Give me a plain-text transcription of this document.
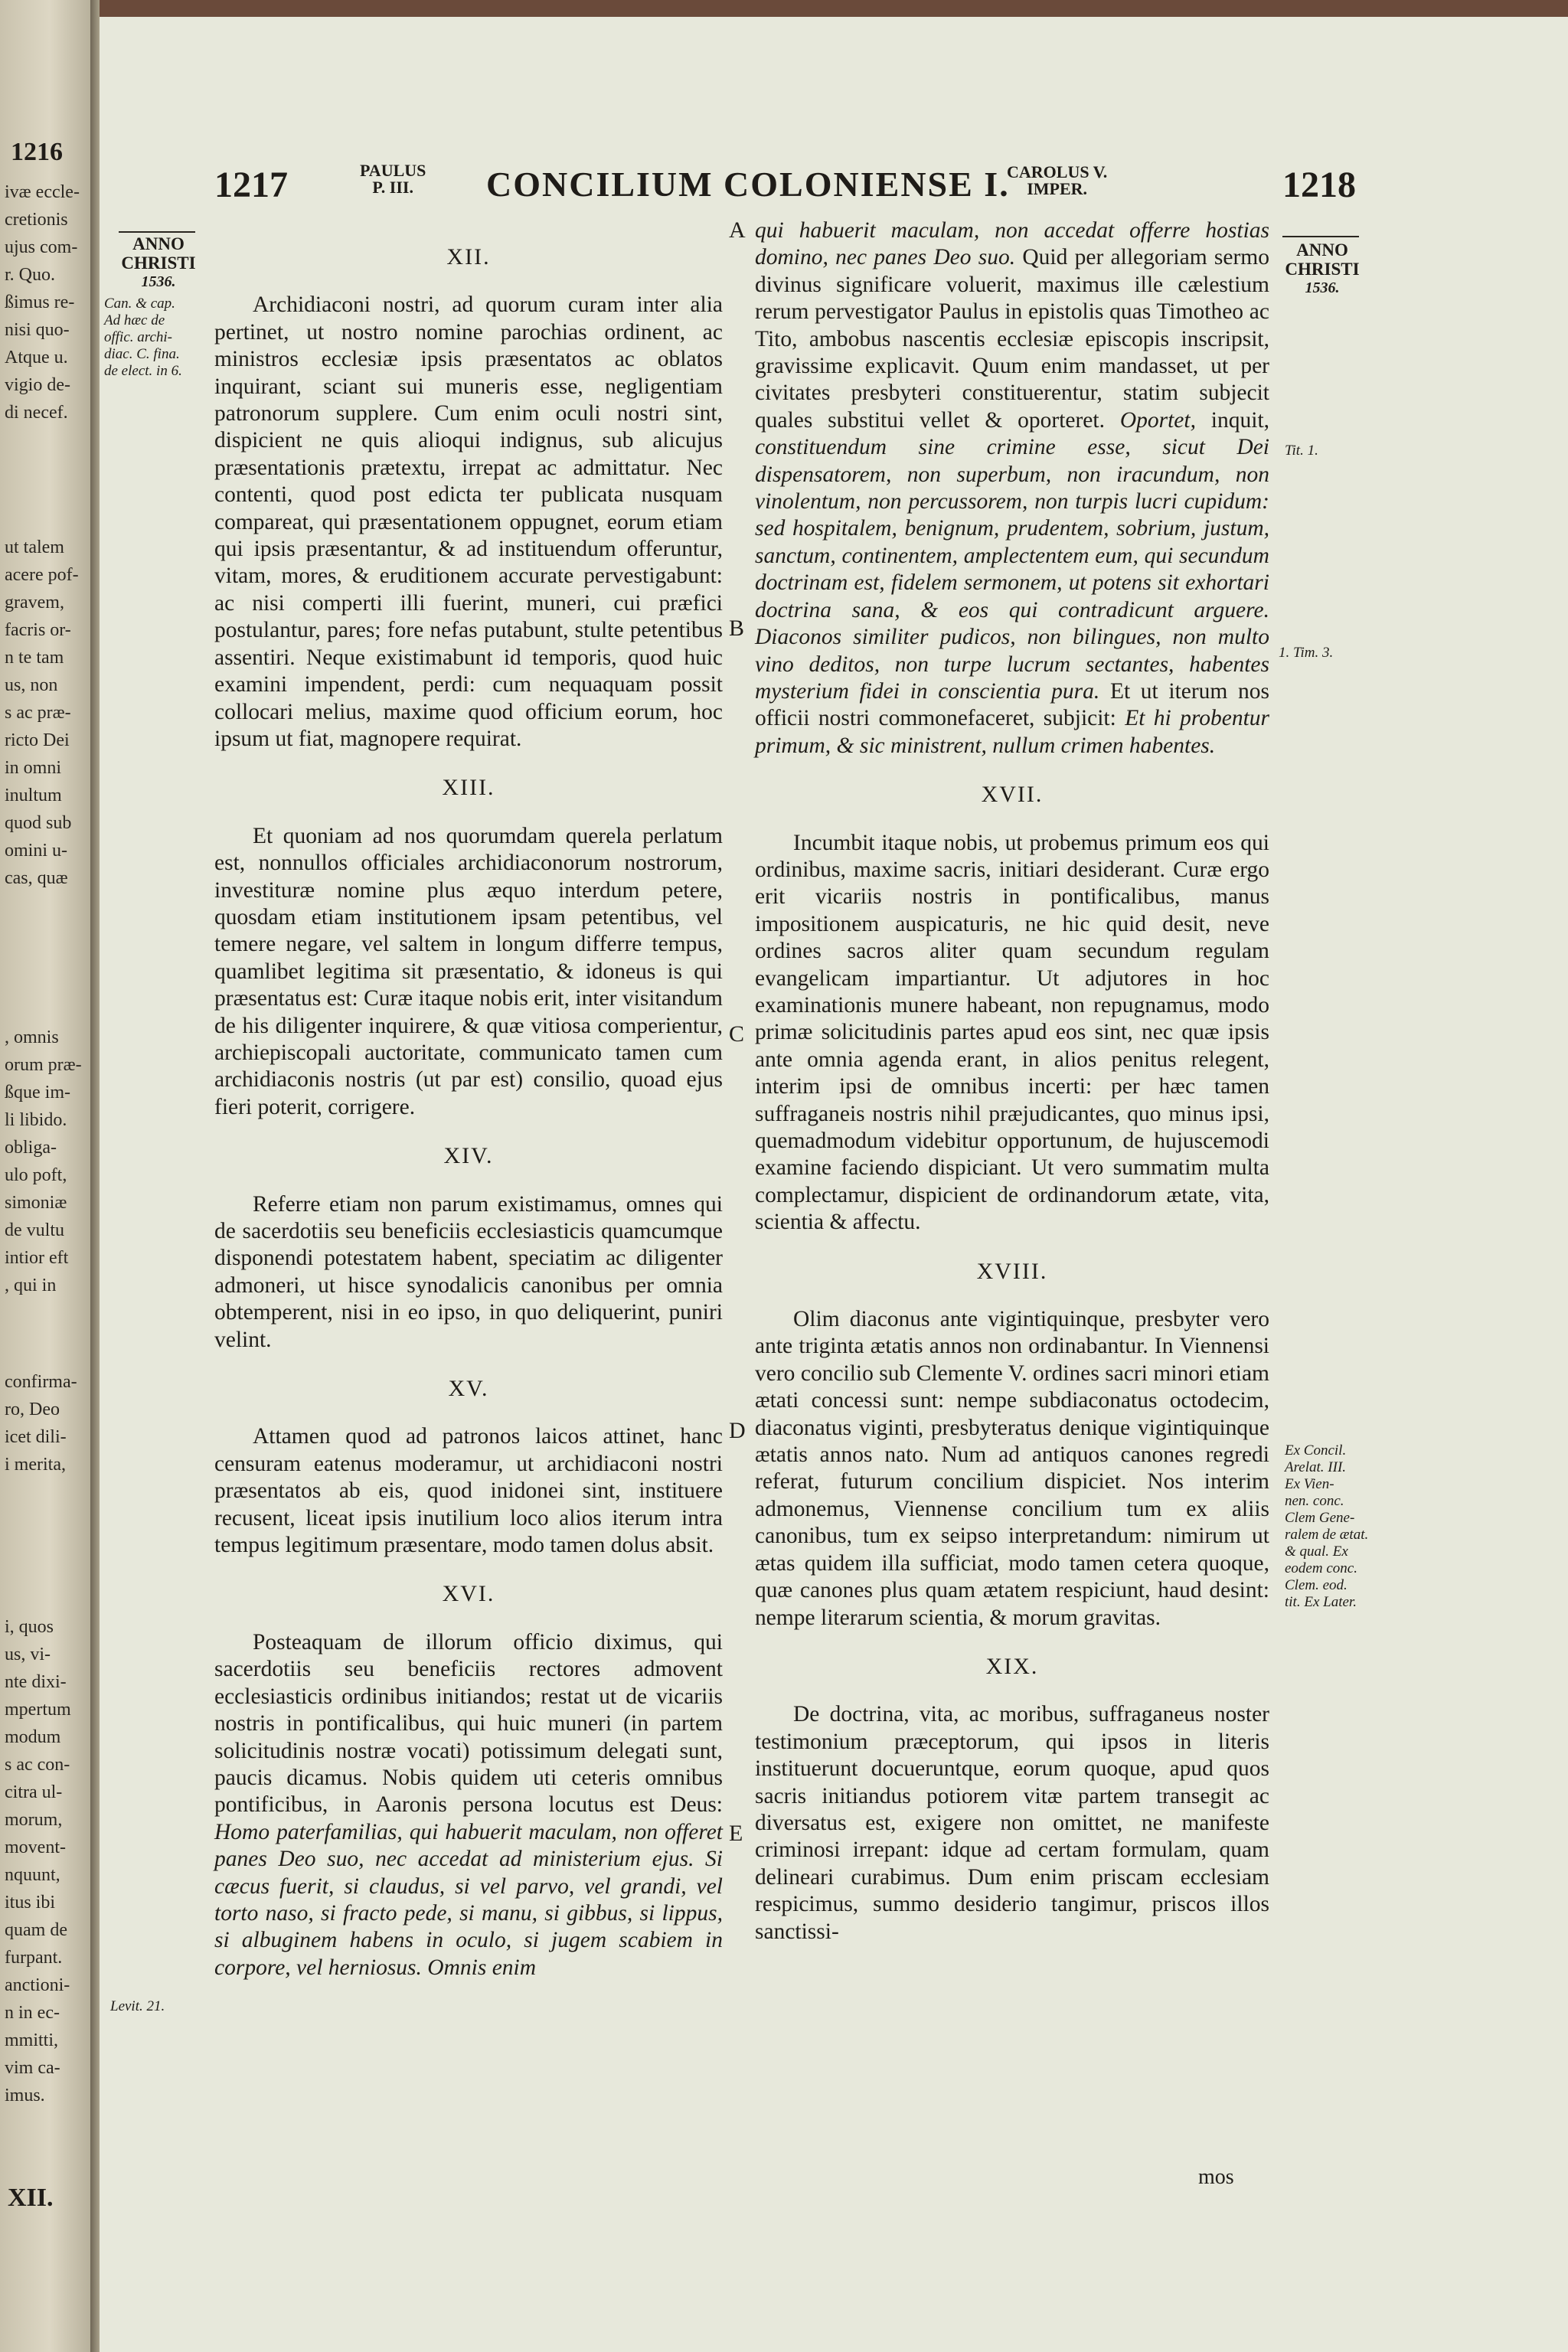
1216
ivæ eccle-
cretionis
ujus com-
r. Quo.
ßimus re-
nisi quo-
Atque u.
vigio de-
di necef.
ut talem
acere pof-
gravem,
facris or-
n te tam
us, non
s ac præ-
ricto Dei
in omni
inultum
quod sub
omini u-
cas, quæ
, omnis
orum præ-
ßque im-
li libido.
obliga-
ulo poft,
simoniæ
de vultu
intior eft
, qui in
confirma-
ro, Deo
icet dili-
i merita,
i, quos
us, vi-
nte dixi-
mpertum
modum
s ac con-
citra ul-
morum,
movent-
nquunt,
itus ibi
quam de
furpant.
anctioni-
n in ec-
mmitti,
vim ca-
imus.
XII.
1217	PAULUS
P. III.	CONCILIUM COLONIENSE I.
CAROLUS V.
IMPER.	1218
ANNO
CHRISTI
1536.
ANNO
CHRISTI
1536.
Can. & cap.
Ad hæc de
offic. archi-
diac. C. fina.
de elect. in 6.
Levit. 21.
Tit. 1.
1. Tim. 3.
Ex Concil.
Arelat. III.
Ex Vien-
nen. conc.
Clem Gene-
ralem de ætat.
& qual. Ex
eodem conc.
Clem. eod.
tit. Ex Later.
A
B
C
D
E

XII.

Archidiaconi nostri, ad quorum curam inter alia pertinet, ut nostro nomine parochias ordinent, ac ministros ecclesiæ ipsis præsentatos ac oblatos inquirant, sciant sui muneris esse, negligentiam patronorum supplere. Cum enim oculi nostri sint, dispicient ne quis alioqui indignus, sub alicujus præsentationis prætextu, irrepat ac admittatur. Nec contenti, quod post edicta ter publicata nusquam compareat, qui præsentationem oppugnet, eorum etiam qui ipsis præsentantur, & ad instituendum offeruntur, vitam, mores, & eruditionem accurate pervestigabunt: ac nisi comperti illi fuerint, muneri, cui præfici postulantur, pares; fore nefas putabunt, stulte petentibus assentiri. Neque existimabunt id temporis, quod huic examini impendent, perdi: cum nequaquam possit collocari melius, maxime quod officium eorum, hoc ipsum ut fiat, magnopere requirat.

XIII.

Et quoniam ad nos quorumdam querela perlatum est, nonnullos officiales archidiaconorum nostrorum, investituræ nomine plus æquo interdum petere, quosdam etiam institutionem ipsam petentibus, vel temere negare, vel saltem in longum differre tempus, quamlibet legitima sit præsentatio, & idoneus is qui præsentatus est: Curæ itaque nobis erit, inter visitandum de his diligenter inquirere, & quæ vitiosa comperientur, archiepiscopali auctoritate, communicato tamen cum archidiaconis nostris (ut par est) consilio, quoad ejus fieri poterit, corrigere.

XIV.

Referre etiam non parum existimamus, omnes qui de sacerdotiis seu beneficiis ecclesiasticis quamcumque disponendi potestatem habent, speciatim ac diligenter admoneri, ut hisce synodalicis canonibus per omnia obtemperent, nisi in eo ipso, in quo deliquerint, puniri velint.

XV.

Attamen quod ad patronos laicos attinet, hanc censuram eatenus moderamur, ut archidiaconi nostri præsentatos ab eis, quod inidonei sint, instituere recusent, liceat ipsis inutilium loco alios iterum intra tempus legitimum præsentare, modo tamen dolus absit.

XVI.

Posteaquam de illorum officio diximus, qui sacerdotiis seu beneficiis rectores admovent ecclesiasticis ordinibus initiandos; restat ut de vicariis nostris in pontificalibus, qui huic muneri (in partem solicitudinis nostræ vocati) potissimum delegati sunt, paucis dicamus. Nobis quidem uti ceteris omnibus pontificibus, in Aaronis persona locutus est Deus: Homo paterfamilias, qui habuerit maculam, non offeret panes Deo suo, nec accedat ad ministerium ejus. Si cæcus fuerit, si claudus, si vel parvo, vel grandi, vel torto naso, si fracto pede, si manu, si gibbus, si lippus, si albuginem habens in oculo, si jugem scabiem in corpore, vel herniosus. Omnis enim

qui habuerit maculam, non accedat offerre hostias domino, nec panes Deo suo. Quid per allegoriam sermo divinus significare voluerit, maximus ille cælestium rerum pervestigator Paulus in epistolis quas Timotheo ac Tito, ambobus nascentis ecclesiæ episcopis inscripsit, gravissime explicavit. Quum enim mandasset, ut per civitates presbyteri constituerentur, statim subjecit quales substitui vellet & oporteret. Oportet, inquit, constituendum sine crimine esse, sicut Dei dispensatorem, non superbum, non iracundum, non vinolentum, non percussorem, non turpis lucri cupidum: sed hospitalem, benignum, prudentem, sobrium, justum, sanctum, continentem, amplectentem eum, qui secundum doctrinam est, fidelem sermonem, ut potens sit exhortari doctrina sana, & eos qui contradicunt arguere. Diaconos similiter pudicos, non bilingues, non multo vino deditos, non turpe lucrum sectantes, habentes mysterium fidei in conscientia pura. Et ut iterum nos officii nostri commonefaceret, subjicit: Et hi probentur primum, & sic ministrent, nullum crimen habentes.

XVII.

Incumbit itaque nobis, ut probemus primum eos qui ordinibus, maxime sacris, initiari desiderant. Curæ ergo erit vicariis nostris in pontificalibus, manus impositionem auspicaturis, ne hic quid desit, neve ordines sacros aliter quam secundum regulam evangelicam impartiantur. Ut adjutores in hoc examinationis munere habeant, non repugnamus, modo primæ solicitudinis partes apud eos sint, nec quæ ipsis ante omnia agenda erant, in alios penitus relegent, interim ipsi de omnibus incerti: per hæc tamen suffraganeis nostris nihil præjudicantes, quo minus ipsi, quemadmodum videbitur opportunum, de hujuscemodi examine faciendo dispiciant. Ut vero summatim multa complectamur, dispicient de ordinandorum ætate, vita, scientia & affectu.

XVIII.

Olim diaconus ante vigintiquinque, presbyter vero ante triginta ætatis annos non ordinabantur. In Viennensi vero concilio sub Clemente V. ordines sacri minori etiam ætati concessi sunt: nempe subdiaconatus octodecim, diaconatus viginti, presbyteratus denique vigintiquinque ætatis annos nato. Num ad antiquos canones regredi referat, futurum concilium dispiciet. Nos interim admonemus, Viennense concilium tum ex aliis canonibus, tum ex seipso interpretandum: nimirum ut ætas quidem illa sufficiat, modo tamen cetera quoque, quæ canones plus quam ætatem respiciunt, haud desint: nempe literarum scientia, & morum gravitas.

XIX.

De doctrina, vita, ac moribus, suffraganeus noster testimonium præceptorum, qui ipsos in literis instituerunt docueruntque, eorum quoque, apud quos sacris initiandus potiorem vitæ partem transegit ac diversatus est, exigere non omittet, ne manifeste criminosi irrepant: idque ad certam formulam, quam delineari curabimus. Dum enim priscam ecclesiam respicimus, summo desiderio tangimur, priscos illos sanctissi-

mos
